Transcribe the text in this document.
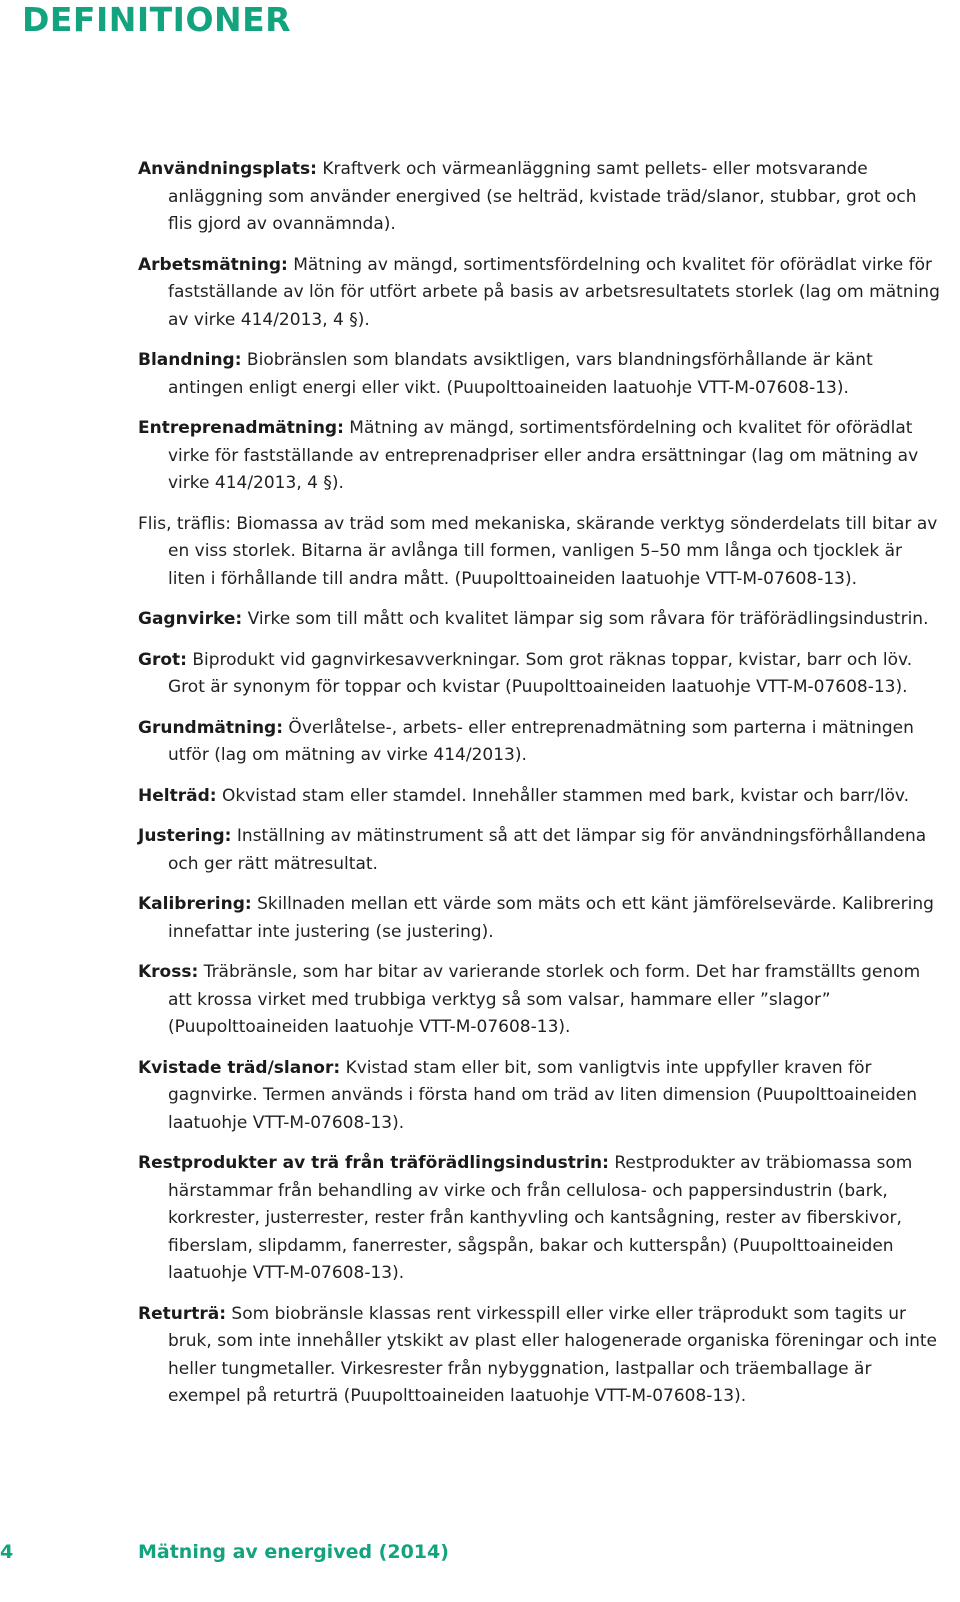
DEFINITIONER

Användningsplats: Kraftverk och värmeanläggning samt pellets- eller motsvarande anläggning som använder energived (se helträd, kvistade träd/slanor, stubbar, grot och flis gjord av ovannämnda).

Arbetsmätning: Mätning av mängd, sortimentsfördelning och kvalitet för oförädlat virke för fastställande av lön för utfört arbete på basis av arbetsresultatets storlek (lag om mätning av virke 414/2013, 4 §).

Blandning: Biobränslen som blandats avsiktligen, vars blandningsförhållande är känt antingen enligt energi eller vikt. (Puupolttoaineiden laatuohje VTT-M-07608-13).

Entreprenadmätning: Mätning av mängd, sortimentsfördelning och kvalitet för oförädlat virke för fastställande av entreprenadpriser eller andra ersättningar (lag om mätning av virke 414/2013, 4 §).

Flis, träflis: Biomassa av träd som med mekaniska, skärande verktyg sönderdelats till bitar av en viss storlek. Bitarna är avlånga till formen, vanligen 5–50 mm långa och tjocklek är liten i förhållande till andra mått. (Puupolttoaineiden laatuohje VTT-M-07608-13).

Gagnvirke: Virke som till mått och kvalitet lämpar sig som råvara för träförädlingsindustrin.

Grot: Biprodukt vid gagnvirkesavverkningar. Som grot räknas toppar, kvistar, barr och löv. Grot är synonym för toppar och kvistar (Puupolttoaineiden laatuohje VTT-M-07608-13).

Grundmätning: Överlåtelse-, arbets- eller entreprenadmätning som parterna i mätningen utför (lag om mätning av virke 414/2013).

Helträd: Okvistad stam eller stamdel. Innehåller stammen med bark, kvistar och barr/löv.

Justering: Inställning av mätinstrument så att det lämpar sig för användningsförhållandena och ger rätt mätresultat.

Kalibrering: Skillnaden mellan ett värde som mäts och ett känt jämförelsevärde. Kalibrering innefattar inte justering (se justering).

Kross: Träbränsle, som har bitar av varierande storlek och form. Det har framställts genom att krossa virket med trubbiga verktyg så som valsar, hammare eller ”slagor” (Puupolttoaineiden laatuohje VTT-M-07608-13).

Kvistade träd/slanor: Kvistad stam eller bit, som vanligtvis inte uppfyller kraven för gagnvirke. Termen används i första hand om träd av liten dimension (Puupolttoaineiden laatuohje VTT-M-07608-13).

Restprodukter av trä från träförädlingsindustrin: Restprodukter av träbiomassa som härstammar från behandling av virke och från cellulosa- och pappersindustrin (bark, korkrester, justerrester, rester från kanthyvling och kantsågning, rester av fiberskivor, fiberslam, slipdamm, fanerrester, sågspån, bakar och kutterspån) (Puupolttoaineiden laatuohje VTT-M-07608-13).

Returträ: Som biobränsle klassas rent virkesspill eller virke eller träprodukt som tagits ur bruk, som inte innehåller ytskikt av plast eller halogenerade organiska föreningar och inte heller tungmetaller. Virkesrester från nybyggnation, lastpallar och träemballage är exempel på returträ (Puupolttoaineiden laatuohje VTT-M-07608-13).

4	Mätning av energived (2014)
